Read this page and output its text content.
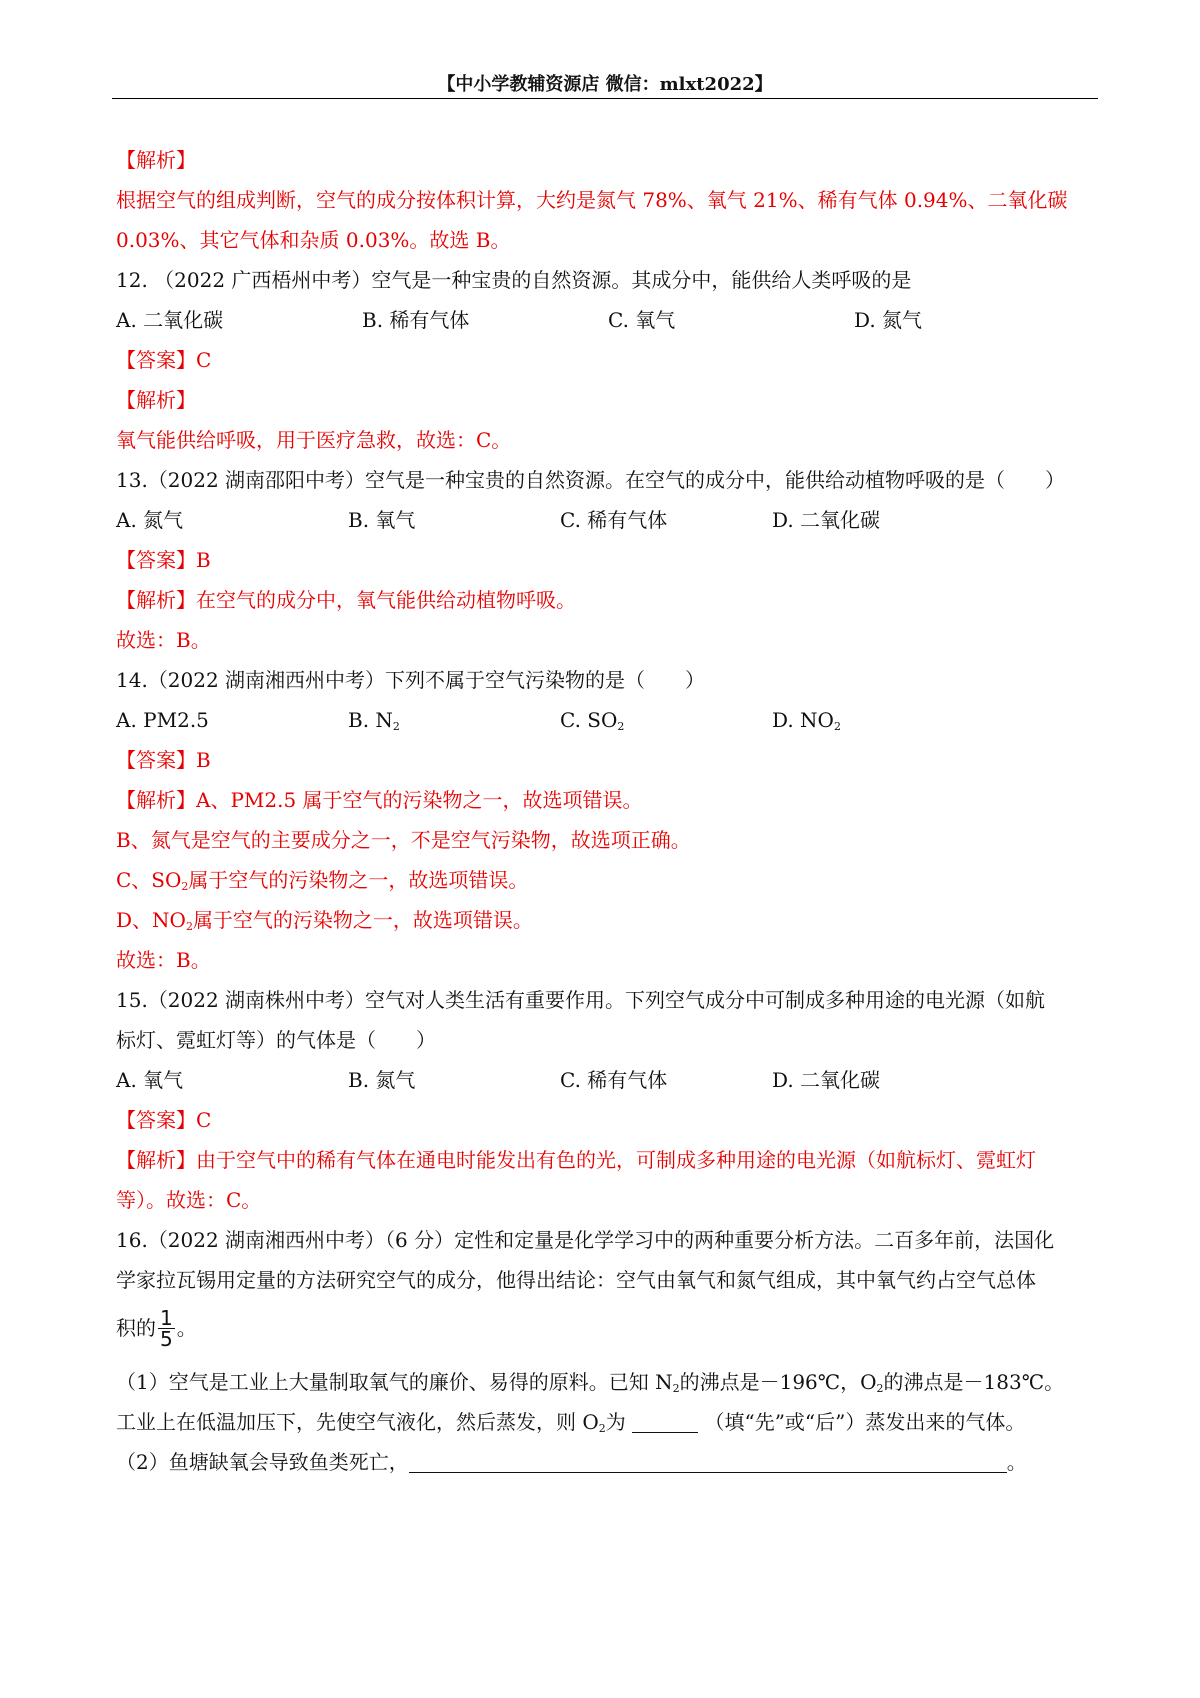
【中小学教辅资源店 微信：mlxt2022】
【解析】
根据空气的组成判断，空气的成分按体积计算，大约是氮气 78%、氧气 21%、稀有气体 0.94%、二氧化碳
0.03%、其它气体和杂质 0.03%。故选 B。
12. （2022 广西梧州中考）空气是一种宝贵的自然资源。其成分中，能供给人类呼吸的是
A. 二氧化碳	B. 稀有气体	C. 氧气	D. 氮气
【答案】C
【解析】
氧气能供给呼吸，用于医疗急救，故选：C。
13.（2022 湖南邵阳中考）空气是一种宝贵的自然资源。在空气的成分中，能供给动植物呼吸的是（　　）
A. 氮气	B. 氧气	C. 稀有气体	D. 二氧化碳
【答案】B
【解析】在空气的成分中，氧气能供给动植物呼吸。
故选：B。
14.（2022 湖南湘西州中考）下列不属于空气污染物的是（　　）
A. PM2.5	B. $N_2$	C. $SO_2$	D. $NO_2$
【答案】B
【解析】A、PM2.5 属于空气的污染物之一，故选项错误。
B、氮气是空气的主要成分之一，不是空气污染物，故选项正确。
C、$SO_2$属于空气的污染物之一，故选项错误。
D、$NO_2$属于空气的污染物之一，故选项错误。
故选：B。
15.（2022 湖南株州中考）空气对人类生活有重要作用。下列空气成分中可制成多种用途的电光源（如航
标灯、霓虹灯等）的气体是（　　）
A. 氧气	B. 氮气	C. 稀有气体	D. 二氧化碳
【答案】C
【解析】由于空气中的稀有气体在通电时能发出有色的光，可制成多种用途的电光源（如航标灯、霓虹灯
等）。故选：C。
16.（2022 湖南湘西州中考）（6 分）定性和定量是化学学习中的两种重要分析方法。二百多年前，法国化
学家拉瓦锡用定量的方法研究空气的成分，他得出结论：空气由氧气和氮气组成，其中氧气约占空气总体
积的 $\frac{1}{5}$ 。
（1）空气是工业上大量制取氧气的廉价、易得的原料。已知 $N_2$的沸点是－196℃，$O_2$的沸点是－183℃。
工业上在低温加压下，先使空气液化，然后蒸发，则 $O_2$为	（填“先”或“后”）蒸发出来的气体。
（2）鱼塘缺氧会导致鱼类死亡，	。
